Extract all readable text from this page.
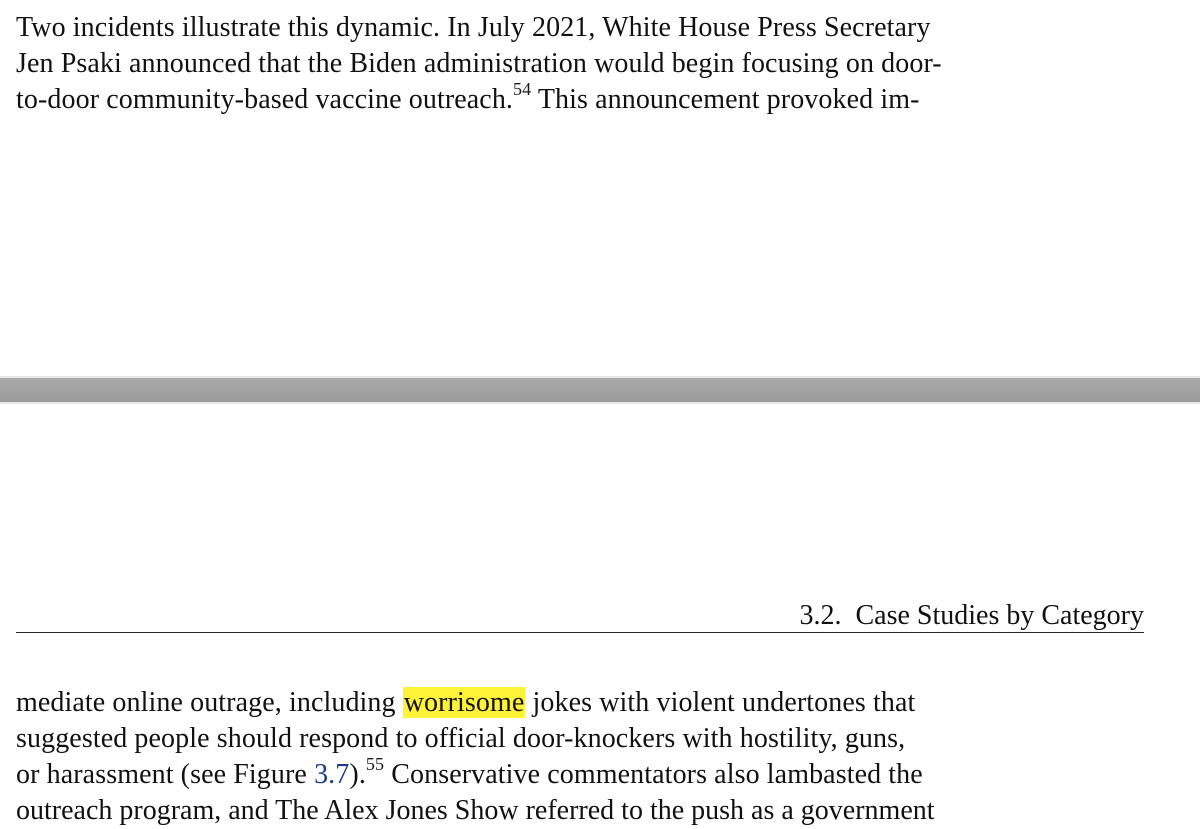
Two incidents illustrate this dynamic. In July 2021, White House Press Secretary
Jen Psaki announced that the Biden administration would begin focusing on door-
to-door community-based vaccine outreach.$^{54}$ This announcement provoked im-
3.2. Case Studies by Category
mediate online outrage, including worrisome jokes with violent undertones that
suggested people should respond to official door-knockers with hostility, guns,
or harassment (see Figure 3.7).$^{55}$ Conservative commentators also lambasted the
outreach program, and The Alex Jones Show referred to the push as a government
